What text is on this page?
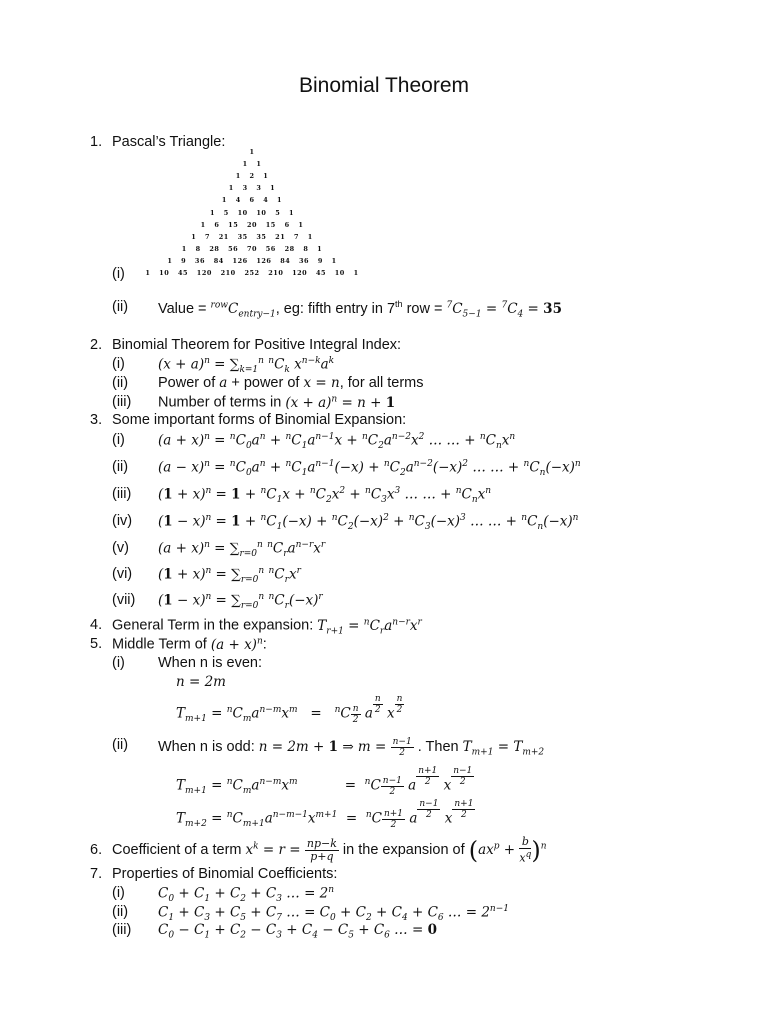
Binomial Theorem
1. Pascal’s Triangle:
1
1 1
1 2 1
1 3 3 1
1 4 6 4 1
1 5 10 10 5 1
1 6 15 20 15 6 1
1 7 21 35 35 21 7 1
1 8 28 56 70 56 28 8 1
1 9 36 84 126 126 84 36 9 1
1 10 45 120 210 252 210 120 45 10 1
(i)
(ii) Value = $^{row}C_{entry-1}$, eg: fifth entry in 7th row = $^7C_{5-1} = ^7C_4 = 35$
2. Binomial Theorem for Positive Integral Index:
(i) $(x + a)^n = \sum_{k=1}^n$ $^nC_k$ $x^{n-k}a^k$
(ii) Power of a + power of x = n, for all terms
(iii) Number of terms in $(x + a)^n = n + 1$
3. Some important forms of Binomial Expansion:
(i) $(a + x)^n = ^nC_0a^n + ^nC_1a^{n-1}x + ^nC_2a^{n-2}x^2$ … … + $^nC_nx^n$
(ii) $(a - x)^n = ^nC_0a^n + ^nC_1a^{n-1}(-x) + ^nC_2a^{n-2}(-x)^2$ … … + $^nC_n(-x)^n$
(iii) $(1 + x)^n = 1 + ^nC_1x + ^nC_2x^2 + ^nC_3x^3$ … … + $^nC_nx^n$
(iv) $(1 - x)^n = 1 + ^nC_1(-x) + ^nC_2(-x)^2 + ^nC_3(-x)^3$ … … + $^nC_n(-x)^n$
(v) $(a + x)^n = \sum_{r=0}^n$ $^nC_ra^{n-r}x^r$
(vi) $(1 + x)^n = \sum_{r=0}^n$ $^nC_rx^r$
(vii) $(1 - x)^n = \sum_{r=0}^n$ $^nC_r(-x)^r$
4. General Term in the expansion: $T_{r+1} = ^nC_ra^{n-r}x^r$
5. Middle Term of $(a + x)^n$:
(i) When n is even:
n = 2m
$T_{m+1} = ^nC_ma^{n-m}x^m = ^nC \frac{n}{2}$ a $\frac{n}{2}$ x $\frac{n}{2}$
(ii) When n is odd: n = 2m + 1 ⇒ $m = \frac{n-1}{2}$ . Then $T_{m+1} = T_{m+2}$
$T_{m+1} = ^nC_ma^{n-m}x^m$           =  $^nC \frac{n-1}{2}$ a $\frac{n+1}{2}$ x $\frac{n-1}{2}$
$T_{m+2} = ^nC_{m+1}a^{n-m-1}x^{m+1} = ^nC \frac{n+1}{2}$ a $\frac{n-1}{2}$ x $\frac{n+1}{2}$
6. Coefficient of a term $x^k = r = \frac{np-k}{p+q}$ in the expansion of $(ax^p + \frac{b}{x^q} )^n$
7. Properties of Binomial Coefficients:
(i) $C_0 + C_1 + C_2 + C_3$ … = $2^n$
(ii) $C_1 + C_3 + C_5 + C_7$ … = $C_0 + C_2 + C_4 + C_6$ … = $2^{n-1}$
(iii) $C_0 - C_1 + C_2 - C_3 + C_4 - C_5 + C_6$ … = 0
